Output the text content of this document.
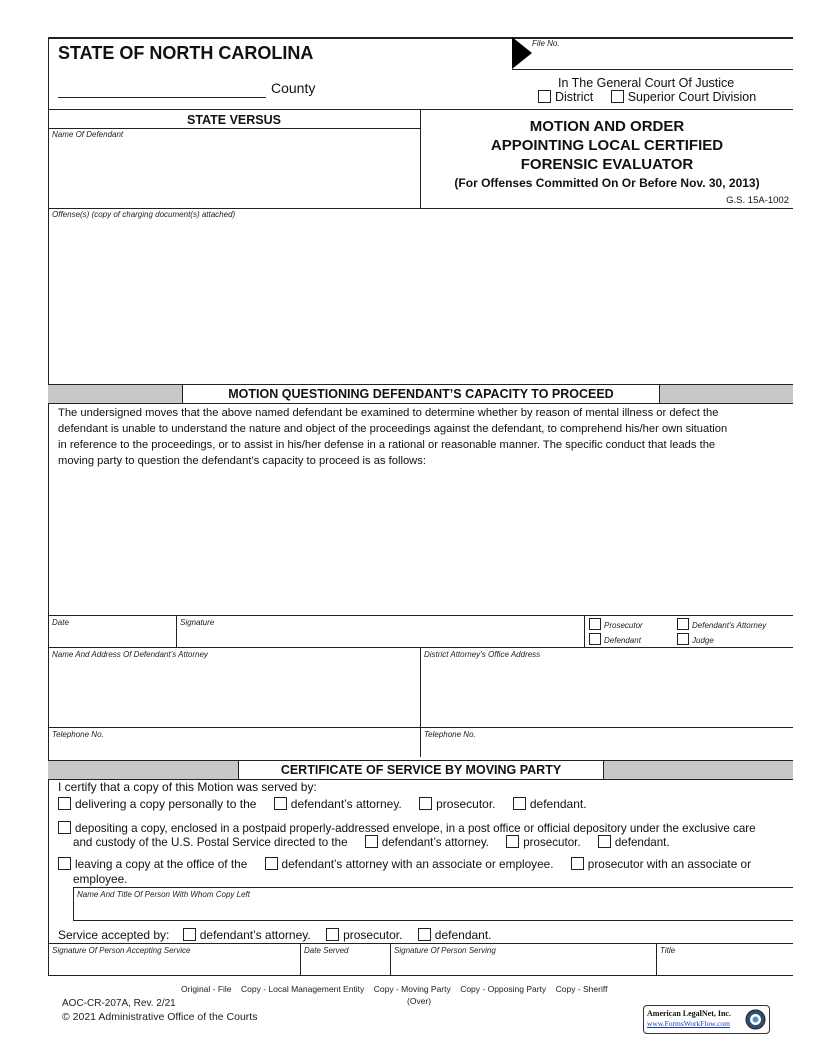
STATE OF NORTH CAROLINA
County
File No.
In The General Court Of Justice
District	Superior Court Division
STATE VERSUS
Name Of Defendant	MOTION AND ORDER
APPOINTING LOCAL CERTIFIED
FORENSIC EVALUATOR
(For Offenses Committed On Or Before Nov. 30, 2013)
G.S. 15A-1002
Offense(s) (copy of charging document(s) attached)
MOTION QUESTIONING DEFENDANT’S CAPACITY TO PROCEED
The undersigned moves that the above named defendant be examined to determine whether by reason of mental illness or defect the
defendant is unable to understand the nature and object of the proceedings against the defendant, to comprehend his/her own situation
in reference to the proceedings, or to assist in his/her defense in a rational or reasonable manner. The specific conduct that leads the
moving party to question the defendant’s capacity to proceed is as follows:
Date	Signature	Prosecutor	Defendant’s Attorney
Defendant	Judge
Name And Address Of Defendant’s Attorney	District Attorney’s Office Address
Telephone No.	Telephone No.
CERTIFICATE OF SERVICE BY MOVING PARTY
I certify that a copy of this Motion was served by:
delivering a copy personally to the	defendant’s attorney.	prosecutor.	defendant.
depositing a copy, enclosed in a postpaid properly-addressed envelope, in a post office or official depository under the exclusive care
and custody of the U.S. Postal Service directed to the	defendant’s attorney.	prosecutor.	defendant.
leaving a copy at the office of the	defendant’s attorney with an associate or employee.	prosecutor with an associate or
employee.
Name And Title Of Person With Whom Copy Left
Service accepted by:	defendant’s attorney.	prosecutor.	defendant.
Signature Of Person Accepting Service	Date Served	Signature Of Person Serving	Title
Original - File    Copy - Local Management Entity    Copy - Moving Party    Copy - Opposing Party    Copy - Sheriff
(Over)
AOC-CR-207A, Rev. 2/21
© 2021 Administrative Office of the Courts	American LegalNet, Inc.
www.FormsWorkFlow.com
